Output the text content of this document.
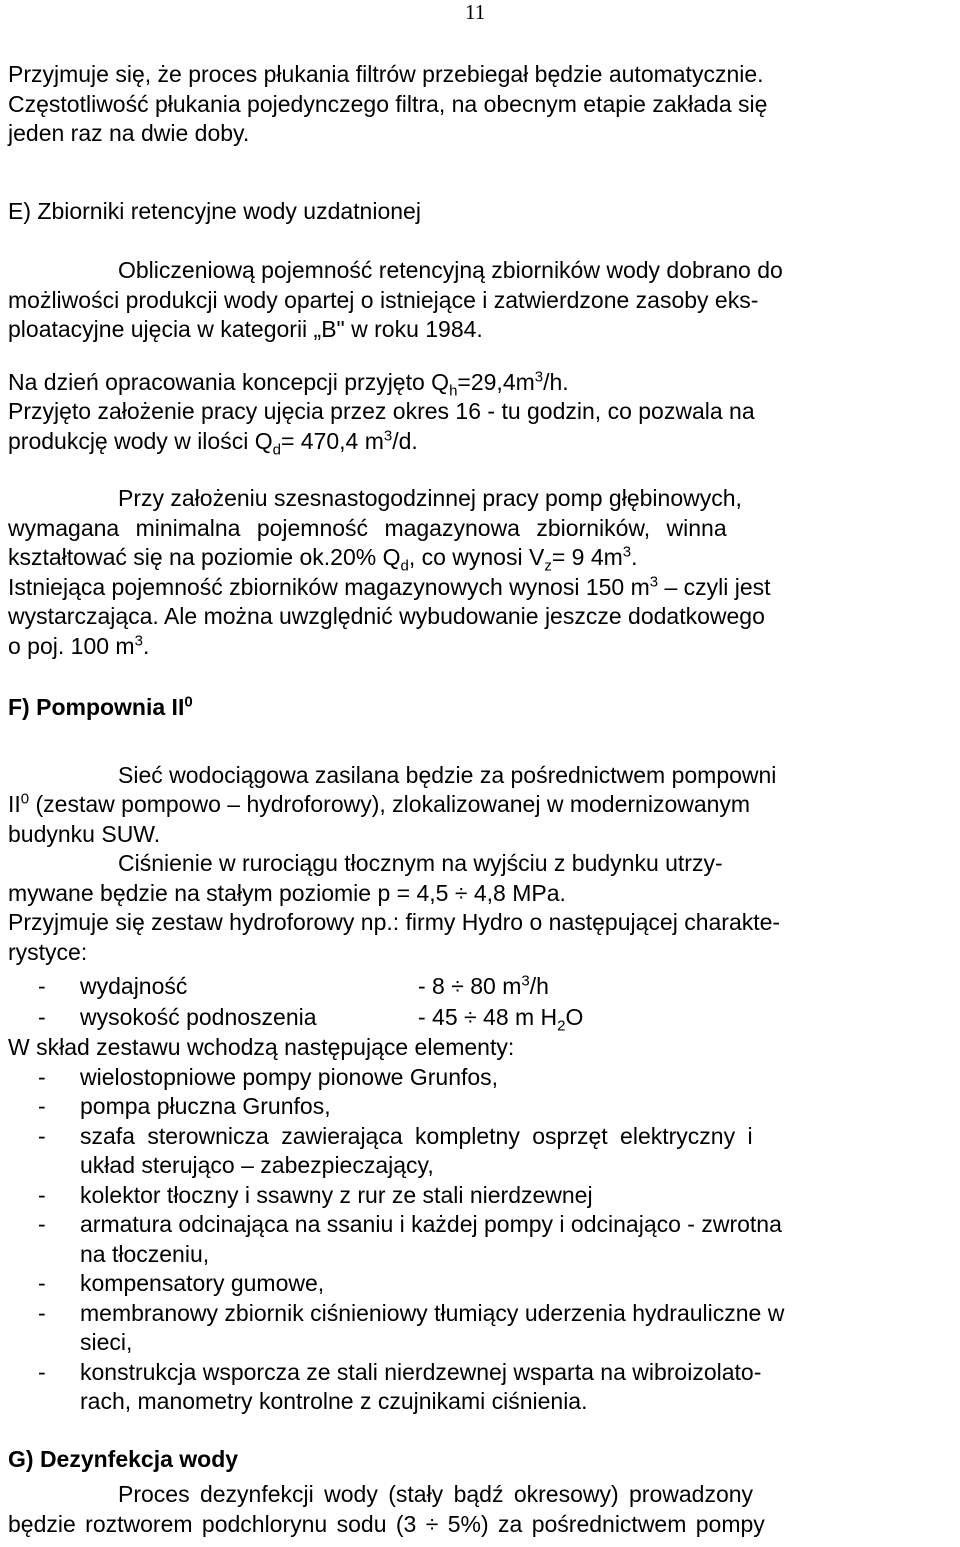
11

Przyjmuje się, że proces płukania filtrów przebiegał będzie automatycznie.

Częstotliwość płukania pojedynczego filtra, na obecnym etapie zakłada się

jeden raz na dwie doby.

E) Zbiorniki retencyjne wody uzdatnionej

Obliczeniową pojemność retencyjną zbiorników wody dobrano do

możliwości produkcji wody opartej o istniejące i zatwierdzone zasoby eks-

ploatacyjne ujęcia w kategorii „B" w roku 1984.

Na dzień opracowania koncepcji przyjęto $Q_h=29,4m^3/h$.

Przyjęto założenie pracy ujęcia przez okres 16 - tu godzin, co pozwala na

produkcję wody w ilości $Q_d= 470,4$ $m^3/d$.

Przy założeniu szesnastogodzinnej pracy pomp głębinowych,

wymagana minimalna pojemność magazynowa zbiorników, winna

kształtować się na poziomie ok.20% $Q_d$, co wynosi $V_z= 9$ $4m^3$.

Istniejąca pojemność zbiorników magazynowych wynosi 150 $m^3$ – czyli jest

wystarczająca. Ale można uwzględnić wybudowanie jeszcze dodatkowego

o poj. 100 $m^3$.

F) Pompownia $II^0$

Sieć wodociągowa zasilana będzie za pośrednictwem pompowni

$II^0$ (zestaw pompowo – hydroforowy), zlokalizowanej w modernizowanym

budynku SUW.

Ciśnienie w rurociągu tłocznym na wyjściu z budynku utrzy-

mywane będzie na stałym poziomie p = 4,5 ÷ 4,8 MPa.

Przyjmuje się zestaw hydroforowy np.: firmy Hydro o następującej charakte-

rystyce:

-	wydajność	- 8 ÷ 80 $m^3/h$
-	wysokość podnoszenia	- 45 ÷ 48 m $H_2O$

W skład zestawu wchodzą następujące elementy:

-	wielostopniowe pompy pionowe Grunfos,
-	pompa płuczna Grunfos,
-	szafa sterownicza zawierająca kompletny osprzęt elektryczny i
układ sterująco – zabezpieczający,
-	kolektor tłoczny i ssawny z rur ze stali nierdzewnej
-	armatura odcinająca na ssaniu i każdej pompy i odcinająco - zwrotna
na tłoczeniu,
-	kompensatory gumowe,
-	membranowy zbiornik ciśnieniowy tłumiący uderzenia hydrauliczne w
sieci,
-	konstrukcja wsporcza ze stali nierdzewnej wsparta na wibroizolato-
rach, manometry kontrolne z czujnikami ciśnienia.

G) Dezynfekcja wody

Proces dezynfekcji wody (stały bądź okresowy) prowadzony

będzie roztworem podchlorynu sodu (3 ÷ 5%) za pośrednictwem pompy
